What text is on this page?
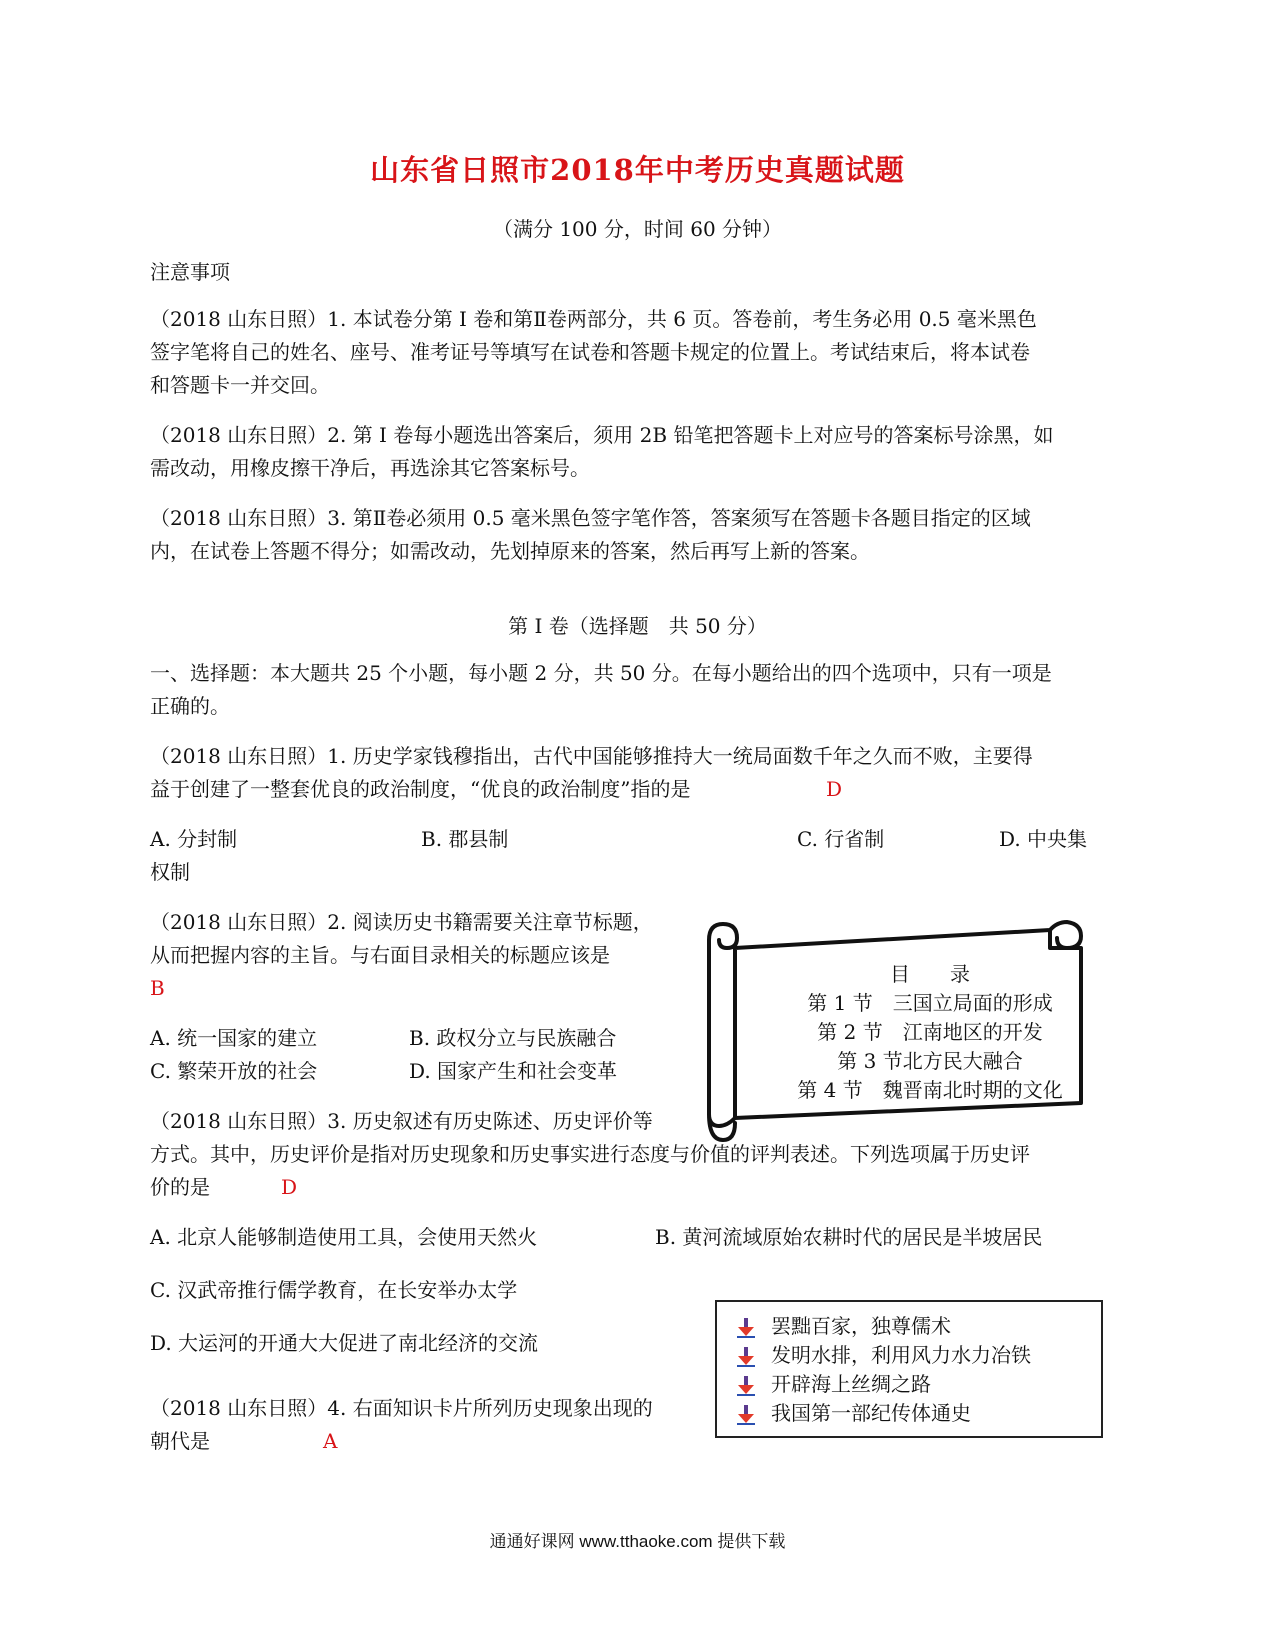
山东省日照市2018年中考历史真题试题
（满分 100 分，时间 60 分钟）
注意事项
（2018 山东日照）1. 本试卷分第 I 卷和第Ⅱ卷两部分，共 6 页。答卷前，考生务必用 0.5 毫米黑色
签字笔将自己的姓名、座号、准考证号等填写在试卷和答题卡规定的位置上。考试结束后，将本试卷
和答题卡一并交回。
（2018 山东日照）2. 第 I 卷每小题选出答案后，须用 2B 铅笔把答题卡上对应号的答案标号涂黑，如
需改动，用橡皮擦干净后，再选涂其它答案标号。
（2018 山东日照）3. 第Ⅱ卷必须用 0.5 毫米黑色签字笔作答，答案须写在答题卡各题目指定的区域
内，在试卷上答题不得分；如需改动，先划掉原来的答案，然后再写上新的答案。
第 I 卷（选择题　共 50 分）
一、选择题：本大题共 25 个小题，每小题 2 分，共 50 分。在每小题给出的四个选项中，只有一项是
正确的。
（2018 山东日照）1. 历史学家钱穆指出，古代中国能够推持大一统局面数千年之久而不败，主要得
益于创建了一整套优良的政治制度，“优良的政治制度”指的是	D
A. 分封制	B. 郡县制	C. 行省制	D. 中央集
权制
（2018 山东日照）2. 阅读历史书籍需要关注章节标题，
从而把握内容的主旨。与右面目录相关的标题应该是
B
A. 统一国家的建立	B. 政权分立与民族融合
C. 繁荣开放的社会	D. 国家产生和社会变革
目　　录
第 1 节　三国立局面的形成
第 2 节　江南地区的开发
第 3 节北方民大融合
第 4 节　魏晋南北时期的文化
（2018 山东日照）3. 历史叙述有历史陈述、历史评价等
方式。其中，历史评价是指对历史现象和历史事实进行态度与价值的评判表述。下列选项属于历史评
价的是	D
A. 北京人能够制造使用工具，会使用天然火	B. 黄河流域原始农耕时代的居民是半坡居民
C. 汉武帝推行儒学教育，在长安举办太学
D. 大运河的开通大大促进了南北经济的交流
罢黜百家，独尊儒术
发明水排，利用风力水力冶铁
开辟海上丝绸之路
我国第一部纪传体通史
（2018 山东日照）4. 右面知识卡片所列历史现象出现的
朝代是	A
通通好课网 www.tthaoke.com 提供下载
